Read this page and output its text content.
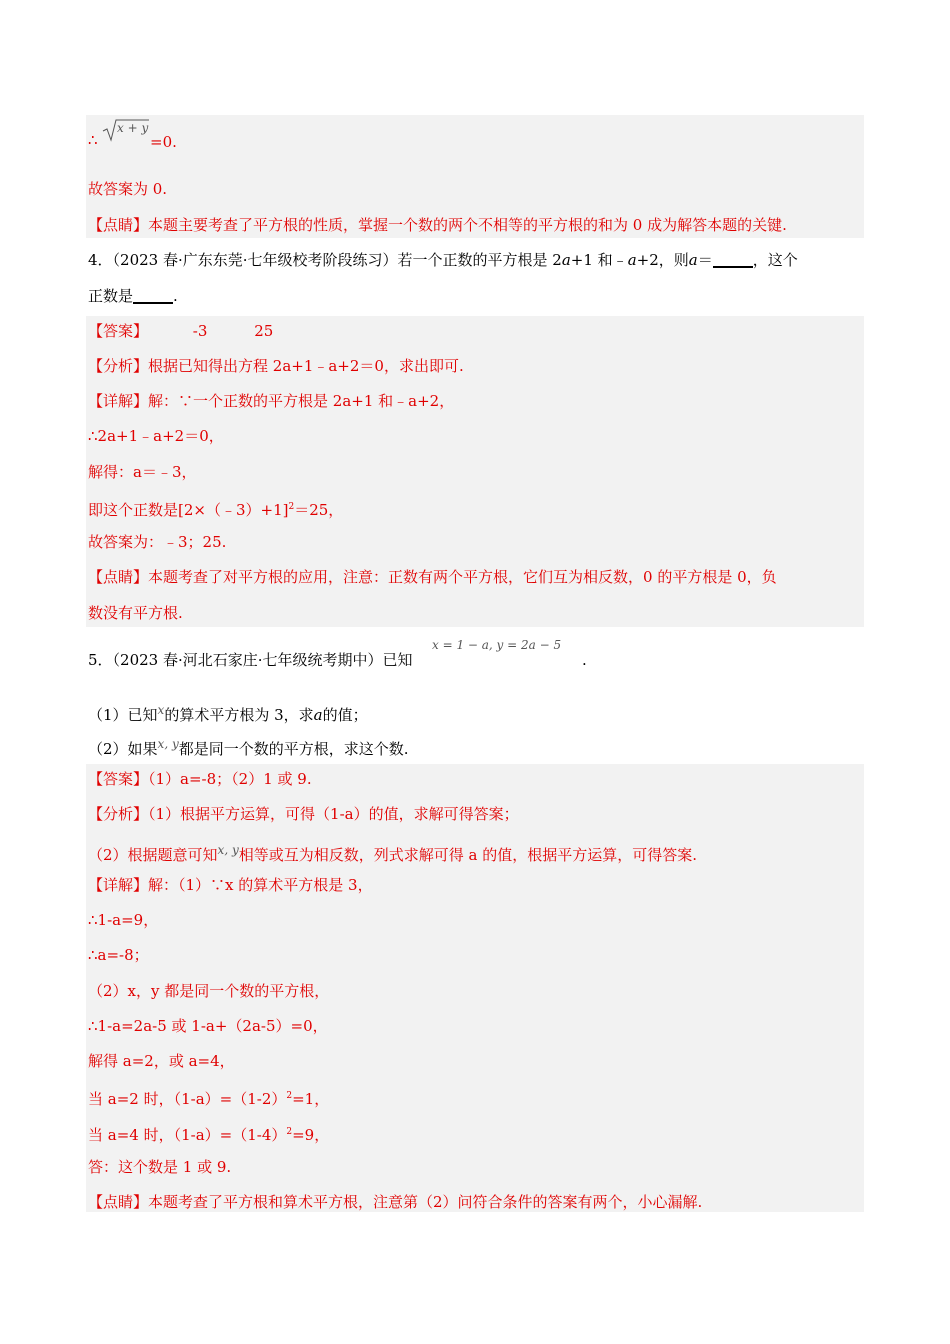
∴
x + y
=0.
故答案为 0.
【点睛】本题主要考查了平方根的性质，掌握一个数的两个不相等的平方根的和为 0 成为解答本题的关键.
4．（2023 春·广东东莞·七年级校考阶段练习）若一个正数的平方根是 2a+1 和﹣a+2，则a＝	，这个
正数是	.
【答案】	-3	25
【分析】根据已知得出方程 2a+1﹣a+2＝0，求出即可.
【详解】解：∵一个正数的平方根是 2a+1 和﹣a+2，
∴2a+1﹣a+2＝0，
解得：a＝﹣3，
即这个正数是[2×（﹣3）+1]$^2$＝25，
故答案为：﹣3；25.
【点睛】本题考查了对平方根的应用，注意：正数有两个平方根，它们互为相反数，0 的平方根是 0，负
数没有平方根.
5．（2023 春·河北石家庄·七年级统考期中）已知
x = 1 − a, y = 2a − 5
.
（1）已知$^x$的算术平方根为 3，求a的值；
（2）如果$^{x, y}$都是同一个数的平方根，求这个数.
【答案】（1）a=-8；（2）1 或 9.
【分析】（1）根据平方运算，可得（1-a）的值，求解可得答案；
（2）根据题意可知$^{x, y}$相等或互为相反数，列式求解可得 a 的值，根据平方运算，可得答案.
【详解】解：（1）∵x 的算术平方根是 3，
∴1-a=9，
∴a=-8；
（2）x，y 都是同一个数的平方根，
∴1-a=2a-5 或 1-a+（2a-5）=0，
解得 a=2，或 a=4，
当 a=2 时，$(1-a)=(1-2)^2=1$，
当 a=4 时，$(1-a)=(1-4)^2=9$，
答：这个数是 1 或 9.
【点睛】本题考查了平方根和算术平方根，注意第（2）问符合条件的答案有两个，小心漏解.
